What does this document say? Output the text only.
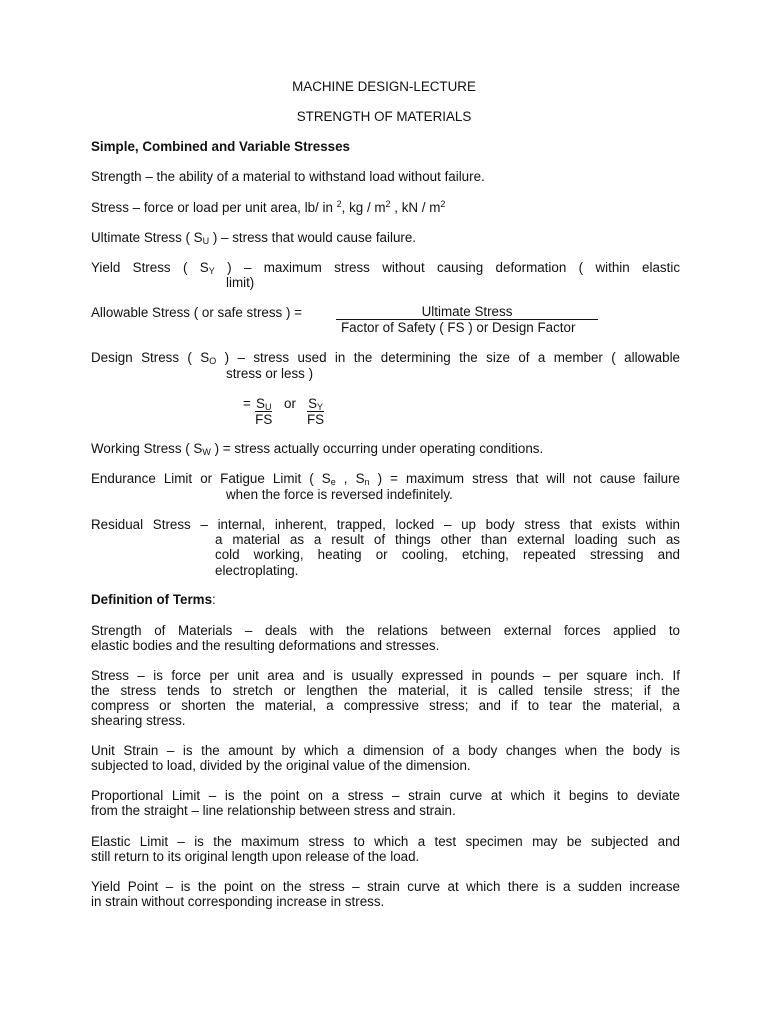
MACHINE DESIGN-LECTURE
STRENGTH OF MATERIALS
Simple, Combined and Variable Stresses
Strength – the ability of a material to withstand load without failure.
Stress – force or load per unit area, lb/ in $^2$, kg / $m^2$ , kN / $m^2$
Ultimate Stress ( $S_U$ ) – stress that would cause failure.
Yield Stress ( $S_Y$ ) – maximum stress without causing deformation ( within elastic
limit)
Allowable Stress ( or safe stress ) =	Ultimate Stress
Factor of Safety ( FS ) or Design Factor
Design Stress ( $S_O$ ) – stress used in the determining the size of a member ( allowable
stress or less )
= $\frac{S_U}{FS}$ or $\frac{S_Y}{FS}$
Working Stress ( $S_W$ ) = stress actually occurring under operating conditions.
Endurance Limit or Fatigue Limit ( $S_e$ , $S_n$ ) = maximum stress that will not cause failure
when the force is reversed indefinitely.
Residual Stress – internal, inherent, trapped, locked – up body stress that exists within
a material as a result of things other than external loading such as
cold working, heating or cooling, etching, repeated stressing and
electroplating.
Definition of Terms:
Strength of Materials – deals with the relations between external forces applied to
elastic bodies and the resulting deformations and stresses.
Stress – is force per unit area and is usually expressed in pounds – per square inch. If
the stress tends to stretch or lengthen the material, it is called tensile stress; if the
compress or shorten the material, a compressive stress; and if to tear the material, a
shearing stress.
Unit Strain – is the amount by which a dimension of a body changes when the body is
subjected to load, divided by the original value of the dimension.
Proportional Limit – is the point on a stress – strain curve at which it begins to deviate
from the straight – line relationship between stress and strain.
Elastic Limit – is the maximum stress to which a test specimen may be subjected and
still return to its original length upon release of the load.
Yield Point – is the point on the stress – strain curve at which there is a sudden increase
in strain without corresponding increase in stress.
